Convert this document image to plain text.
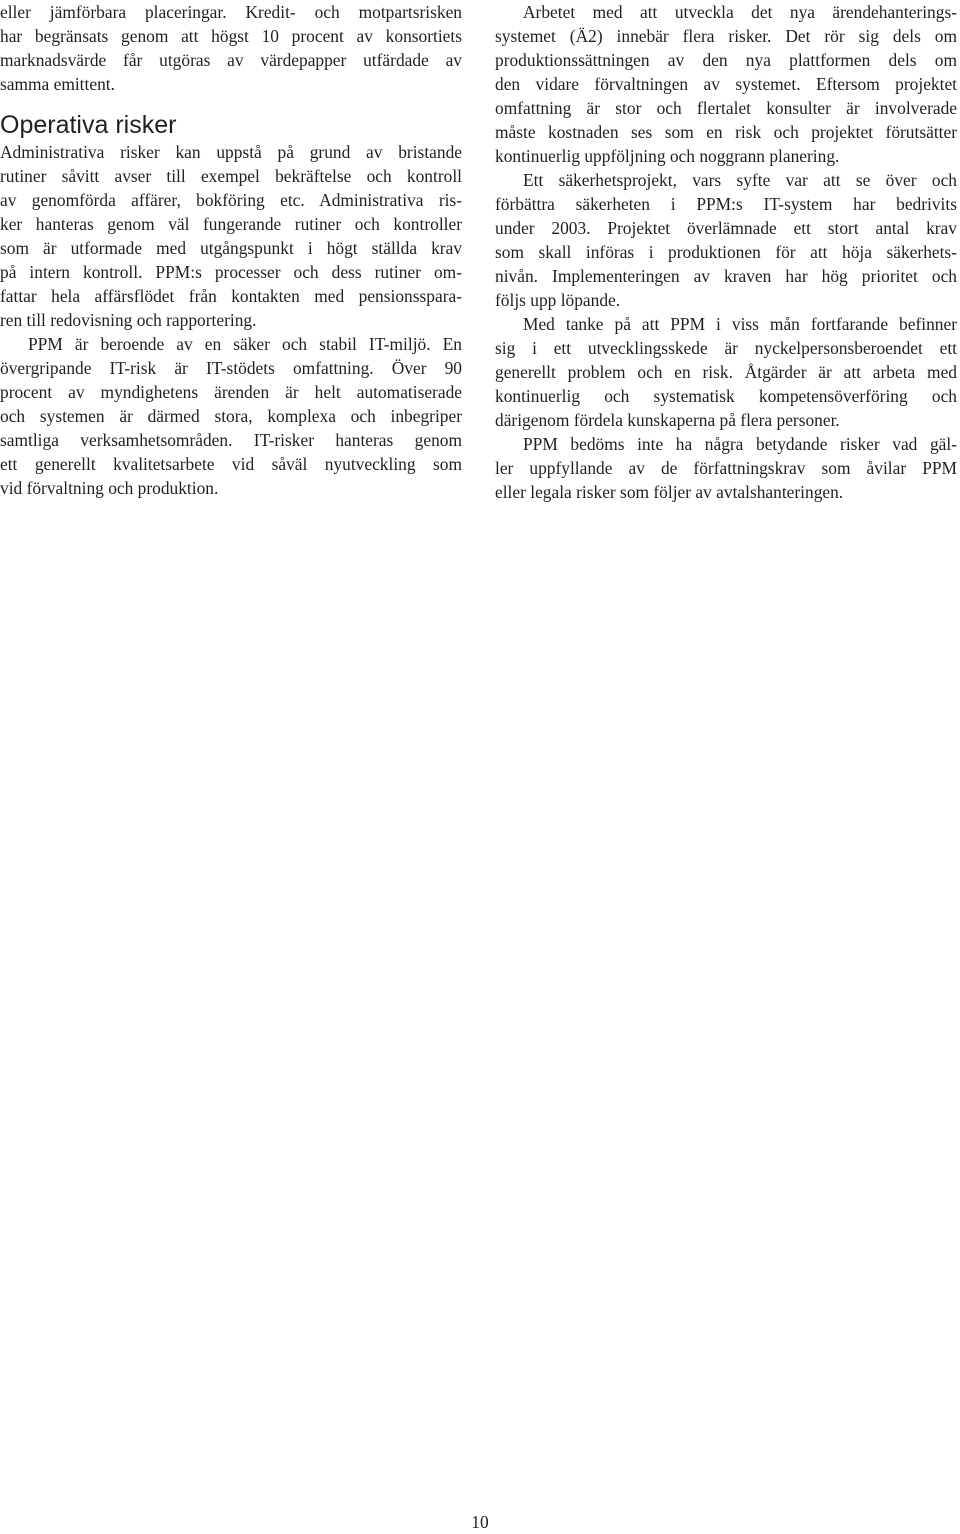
eller jämförbara placeringar. Kredit- och motpartsrisken
har begränsats genom att högst 10 procent av konsortiets
marknadsvärde får utgöras av värdepapper utfärdade av
samma emittent.
Operativa risker
Administrativa risker kan uppstå på grund av bristande
rutiner såvitt avser till exempel bekräftelse och kontroll
av genomförda affärer, bokföring etc. Administrativa ris-
ker hanteras genom väl fungerande rutiner och kontroller
som är utformade med utgångspunkt i högt ställda krav
på intern kontroll. PPM:s processer och dess rutiner om-
fattar hela affärsflödet från kontakten med pensionsspara-
ren till redovisning och rapportering.
PPM är beroende av en säker och stabil IT-miljö. En
övergripande IT-risk är IT-stödets omfattning. Över 90
procent av myndighetens ärenden är helt automatiserade
och systemen är därmed stora, komplexa och inbegriper
samtliga verksamhetsområden. IT-risker hanteras genom
ett generellt kvalitetsarbete vid såväl nyutveckling som
vid förvaltning och produktion.
Arbetet med att utveckla det nya ärendehanterings-
systemet (Ä2) innebär flera risker. Det rör sig dels om
produktionssättningen av den nya plattformen dels om
den vidare förvaltningen av systemet. Eftersom projektet
omfattning är stor och flertalet konsulter är involverade
måste kostnaden ses som en risk och projektet förutsätter
kontinuerlig uppföljning och noggrann planering.
Ett säkerhetsprojekt, vars syfte var att se över och
förbättra säkerheten i PPM:s IT-system har bedrivits
under 2003. Projektet överlämnade ett stort antal krav
som skall införas i produktionen för att höja säkerhets-
nivån. Implementeringen av kraven har hög prioritet och
följs upp löpande.
Med tanke på att PPM i viss mån fortfarande befinner
sig i ett utvecklingsskede är nyckelpersonsberoendet ett
generellt problem och en risk. Åtgärder är att arbeta med
kontinuerlig och systematisk kompetensöverföring och
därigenom fördela kunskaperna på flera personer.
PPM bedöms inte ha några betydande risker vad gäl-
ler uppfyllande av de författningskrav som åvilar PPM
eller legala risker som följer av avtalshanteringen.
10
